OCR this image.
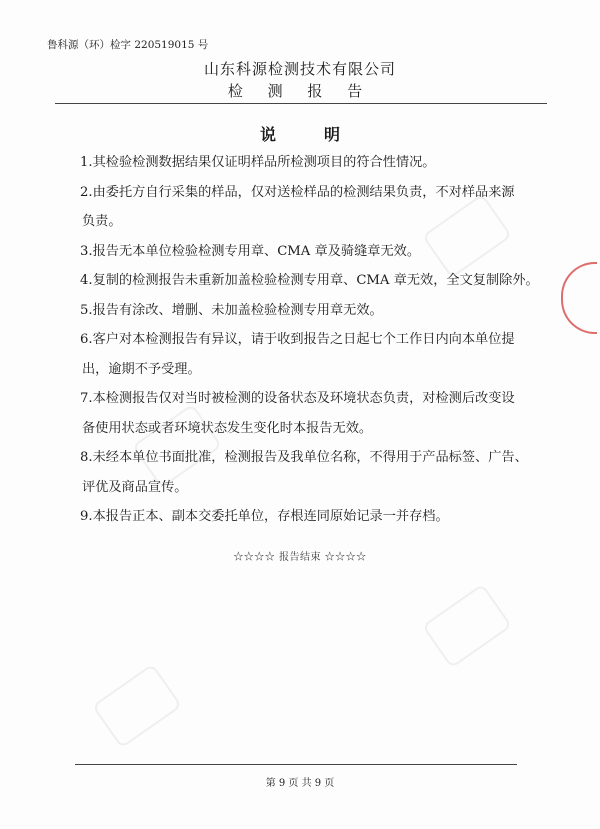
鲁科源（环）检字 220519015 号
山东科源检测技术有限公司
检 测 报 告
说明
1.其检验检测数据结果仅证明样品所检测项目的符合性情况。
2.由委托方自行采集的样品，仅对送检样品的检测结果负责，不对样品来源
负责。
3.报告无本单位检验检测专用章、CMA 章及骑缝章无效。
4.复制的检测报告未重新加盖检验检测专用章、CMA 章无效，全文复制除外。
5.报告有涂改、增删、未加盖检验检测专用章无效。
6.客户对本检测报告有异议，请于收到报告之日起七个工作日内向本单位提
出，逾期不予受理。
7.本检测报告仅对当时被检测的设备状态及环境状态负责，对检测后改变设
备使用状态或者环境状态发生变化时本报告无效。
8.未经本单位书面批准，检测报告及我单位名称，不得用于产品标签、广告、
评优及商品宣传。
9.本报告正本、副本交委托单位，存根连同原始记录一并存档。
☆☆☆☆ 报告结束 ☆☆☆☆
第 9 页 共 9 页
